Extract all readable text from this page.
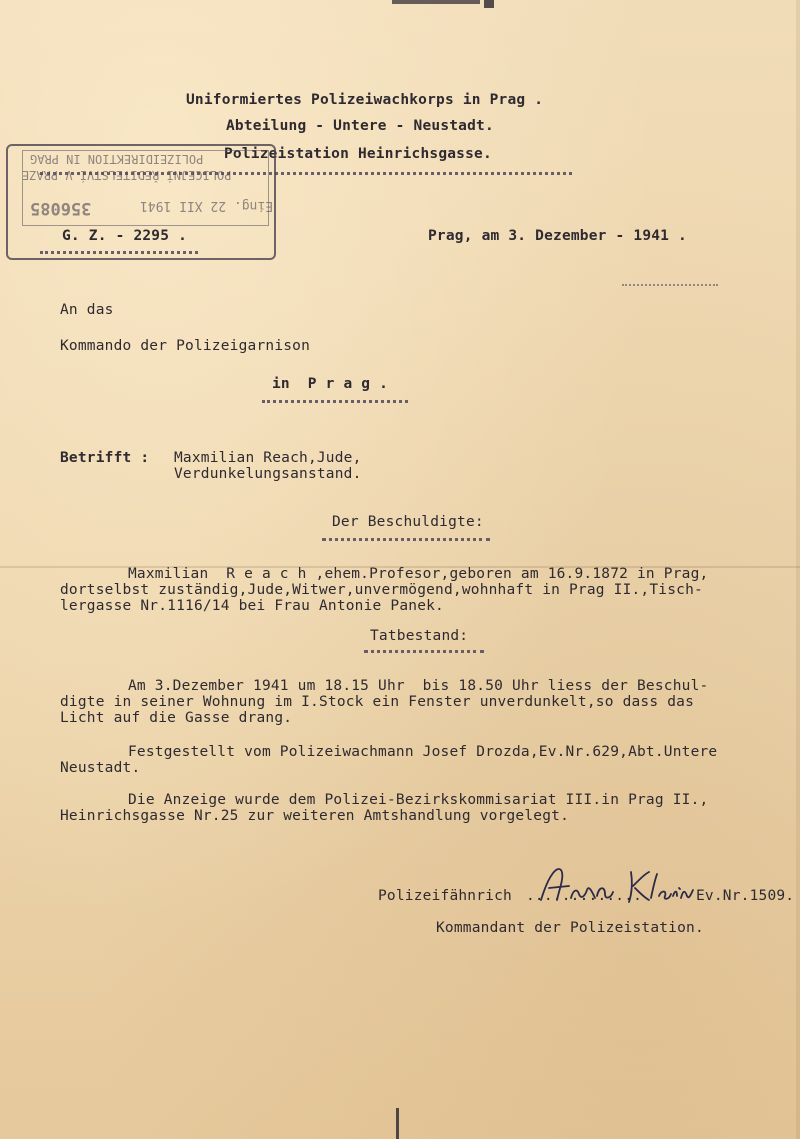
Uniformiertes Polizeiwachkorps in Prag .
Abteilung - Untere - Neustadt.
Polizeistation Heinrichsgasse.
POLIZEIDIREKTION IN PRAG
POLICEJNÍ ŘEDITELSTVÍ V PRAZE
Eing. 22 XII 1941
356085
G. Z. - 2295 .	Prag, am 3. Dezember - 1941 .
An das
Kommando der Polizeigarnison
in  P r a g .
Betrifft : Maxmilian Reach,Jude,
Verdunkelungsanstand.
Der Beschuldigte:
Maxmilian  R e a c h ,ehem.Profesor,geboren am 16.9.1872 in Prag,
dortselbst zuständig,Jude,Witwer,unvermögend,wohnhaft in Prag II.,Tisch-
lergasse Nr.1116/14 bei Frau Antonie Panek.
Tatbestand:
Am 3.Dezember 1941 um 18.15 Uhr  bis 18.50 Uhr liess der Beschul-
digte in seiner Wohnung im I.Stock ein Fenster unverdunkelt,so dass das
Licht auf die Gasse drang.
Festgestellt vom Polizeiwachmann Josef Drozda,Ev.Nr.629,Abt.Untere
Neustadt.
Die Anzeige wurde dem Polizei-Bezirkskommisariat III.in Prag II.,
Heinrichsgasse Nr.25 zur weiteren Amtshandlung vorgelegt.
Polizeifähnrich .............	Ev.Nr.1509.
Kommandant der Polizeistation.
